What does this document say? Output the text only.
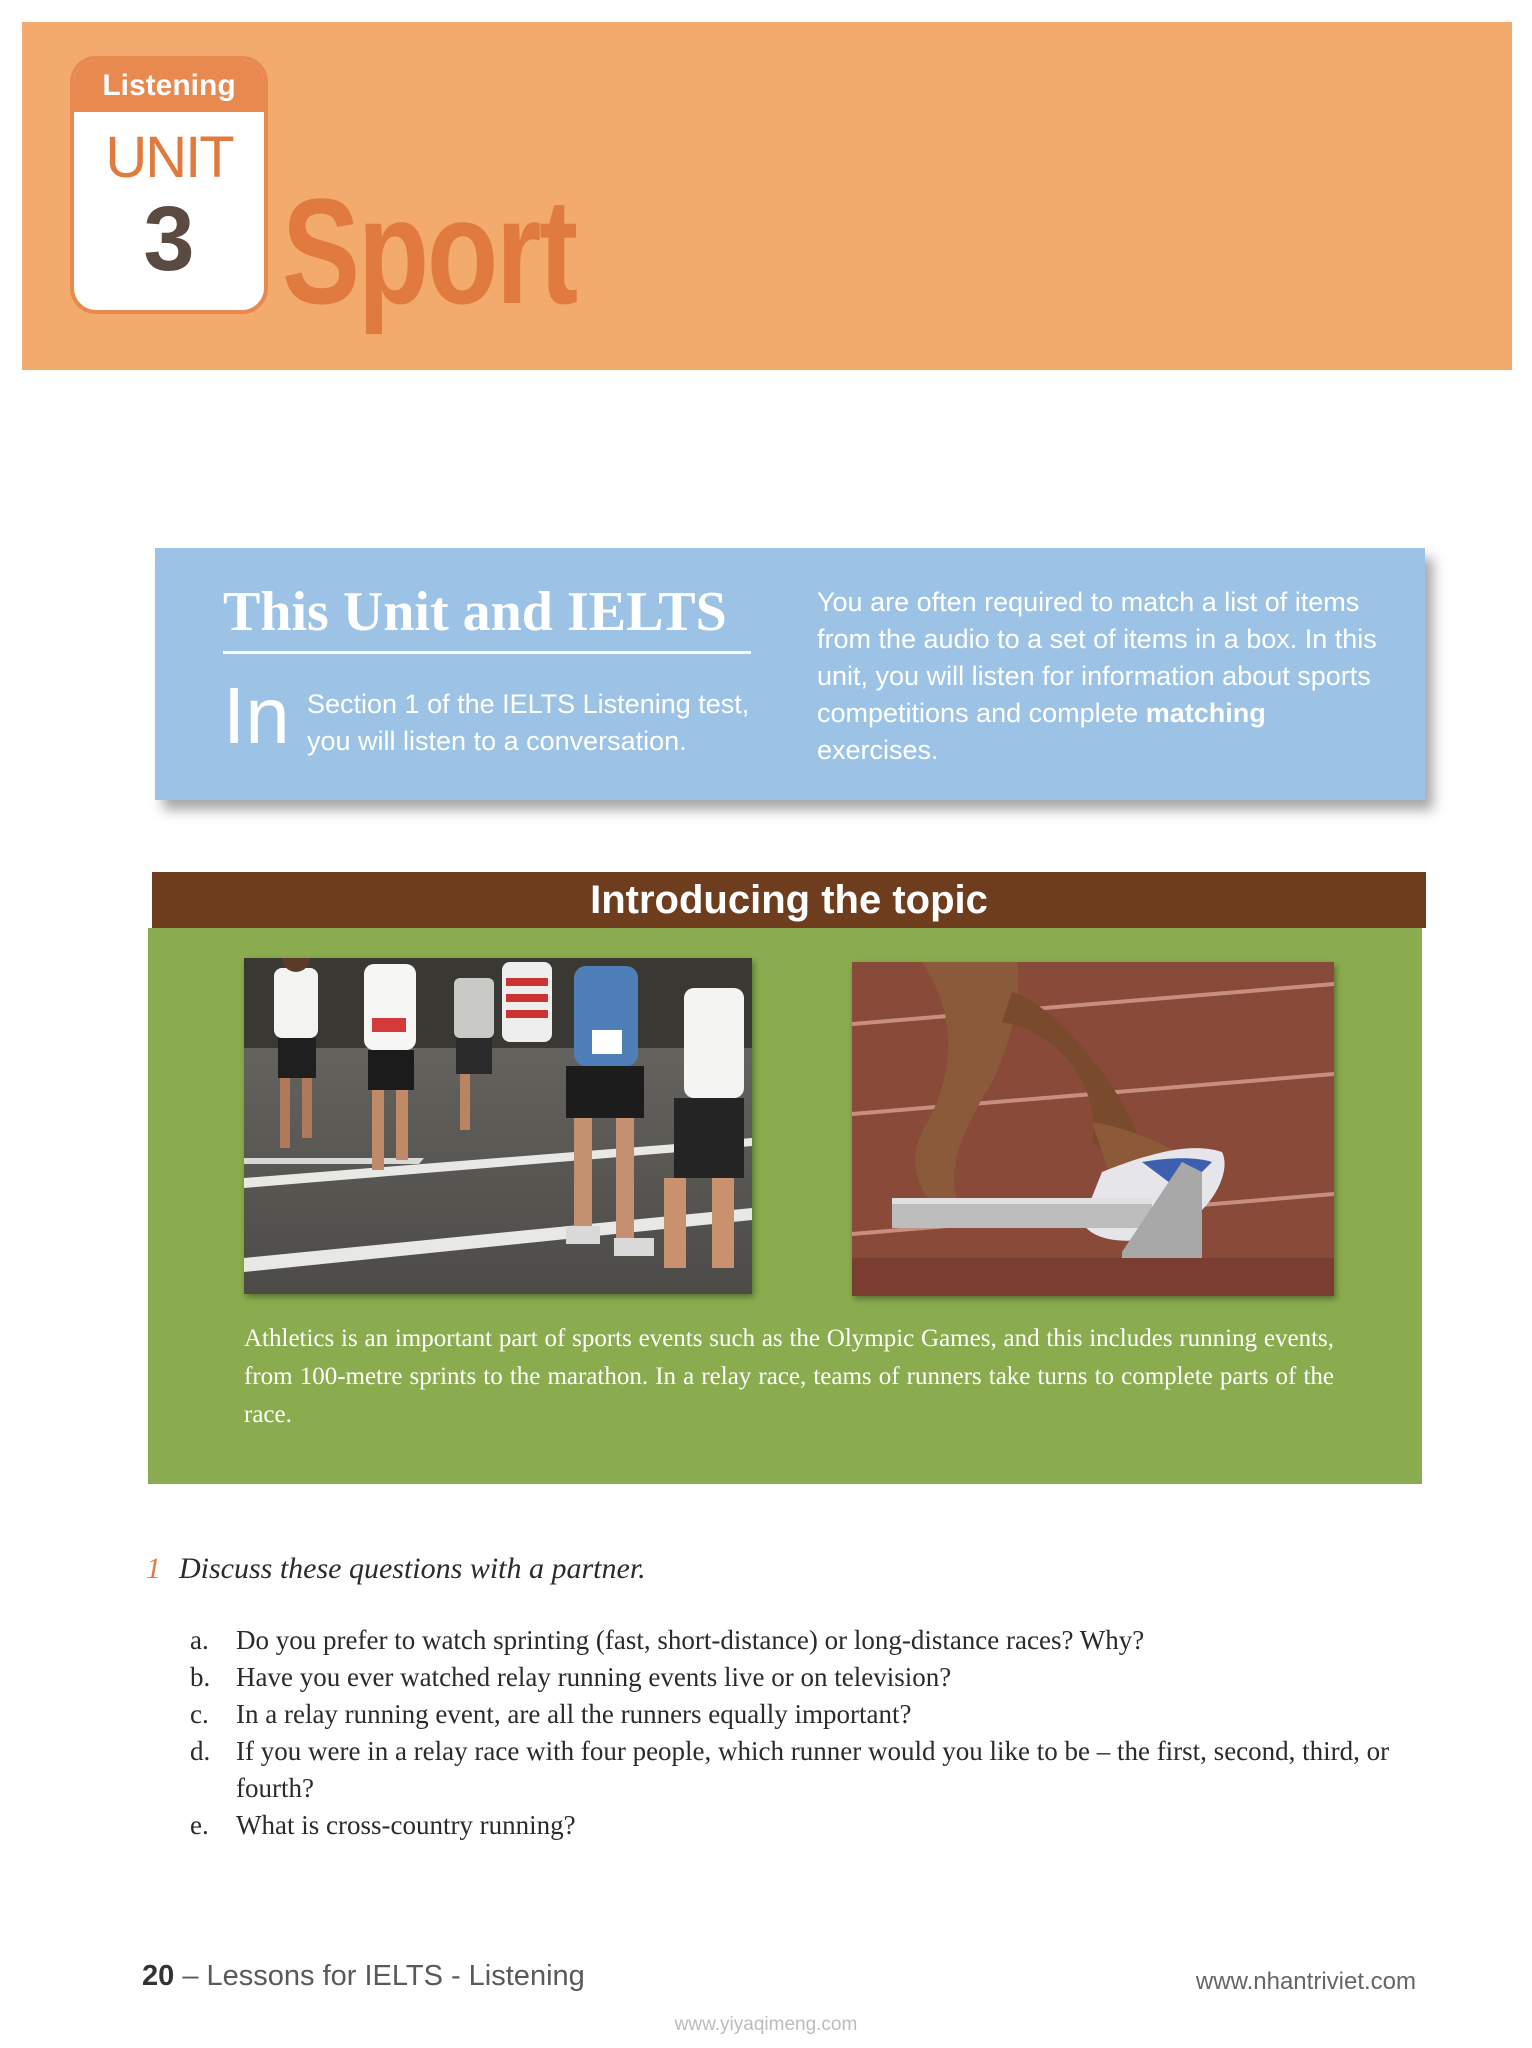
Listening
UNIT
3 Sport
This Unit and IELTS
In Section 1 of the IELTS Listening test, you will listen to a conversation.
You are often required to match a list of items from the audio to a set of items in a box. In this unit, you will listen for information about sports competitions and complete matching exercises.
Introducing the topic
Athletics is an important part of sports events such as the Olympic Games, and this includes running events, from 100-metre sprints to the marathon. In a relay race, teams of runners take turns to complete parts of the race.
1 Discuss these questions with a partner.
a. Do you prefer to watch sprinting (fast, short-distance) or long-distance races? Why?
b. Have you ever watched relay running events live or on television?
c. In a relay running event, are all the runners equally important?
d. If you were in a relay race with four people, which runner would you like to be – the first, second, third, or fourth?
e. What is cross-country running?
20 – Lessons for IELTS - Listening	www.nhantriviet.com
www.yiyaqimeng.com
